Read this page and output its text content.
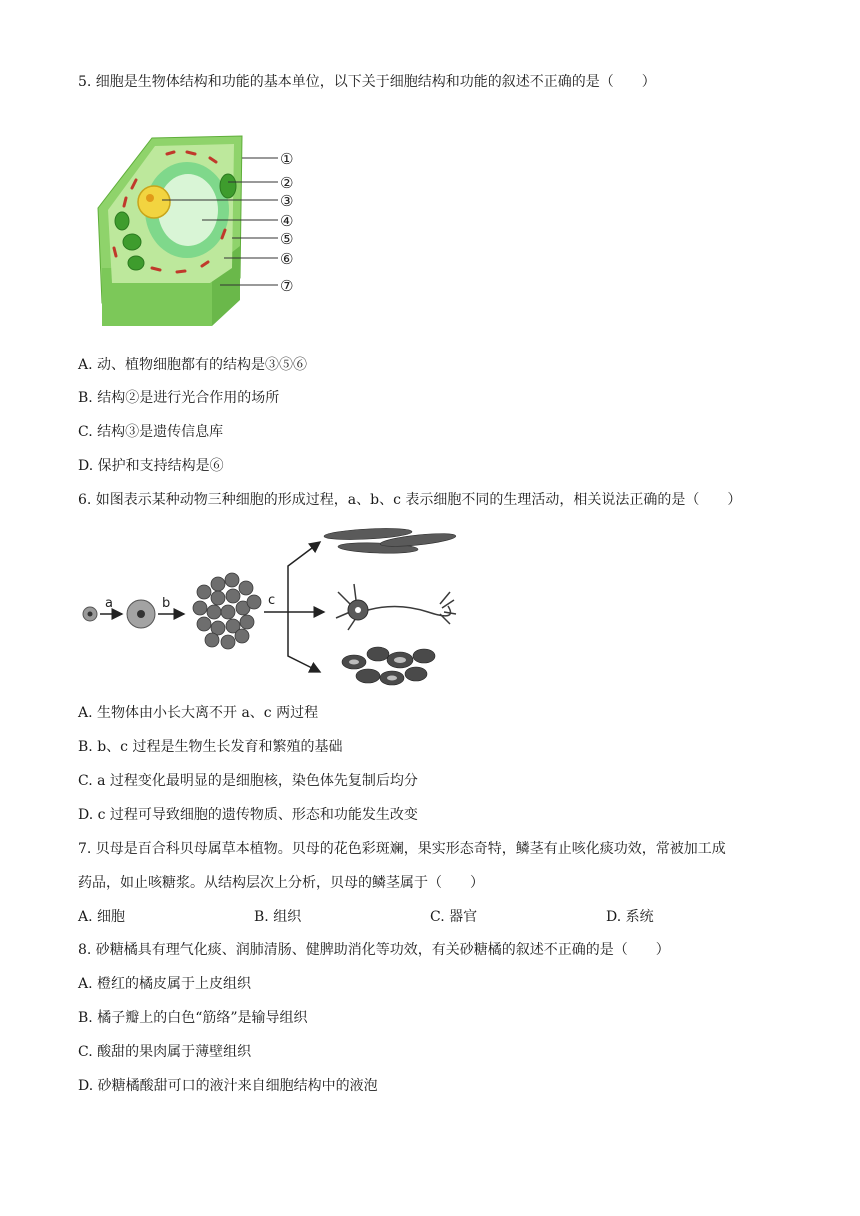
5. 细胞是生物体结构和功能的基本单位，以下关于细胞结构和功能的叙述不正确的是（　　）
①
②
③
④
⑤
⑥
⑦
A. 动、植物细胞都有的结构是③⑤⑥
B. 结构②是进行光合作用的场所
C. 结构③是遗传信息库
D. 保护和支持结构是⑥
6. 如图表示某种动物三种细胞的形成过程，a、b、c 表示细胞不同的生理活动，相关说法正确的是（　　）
a	b	c
A. 生物体由小长大离不开 a、c 两过程
B. b、c 过程是生物生长发育和繁殖的基础
C. a 过程变化最明显的是细胞核，染色体先复制后均分
D. c 过程可导致细胞的遗传物质、形态和功能发生改变
7. 贝母是百合科贝母属草本植物。贝母的花色彩斑斓，果实形态奇特，鳞茎有止咳化痰功效，常被加工成
药品，如止咳糖浆。从结构层次上分析，贝母的鳞茎属于（　　）
A. 细胞	B. 组织	C. 器官	D. 系统
8. 砂糖橘具有理气化痰、润肺清肠、健脾助消化等功效，有关砂糖橘的叙述不正确的是（　　）
A. 橙红的橘皮属于上皮组织
B. 橘子瓣上的白色“筋络”是输导组织
C. 酸甜的果肉属于薄壁组织
D. 砂糖橘酸甜可口的液汁来自细胞结构中的液泡
